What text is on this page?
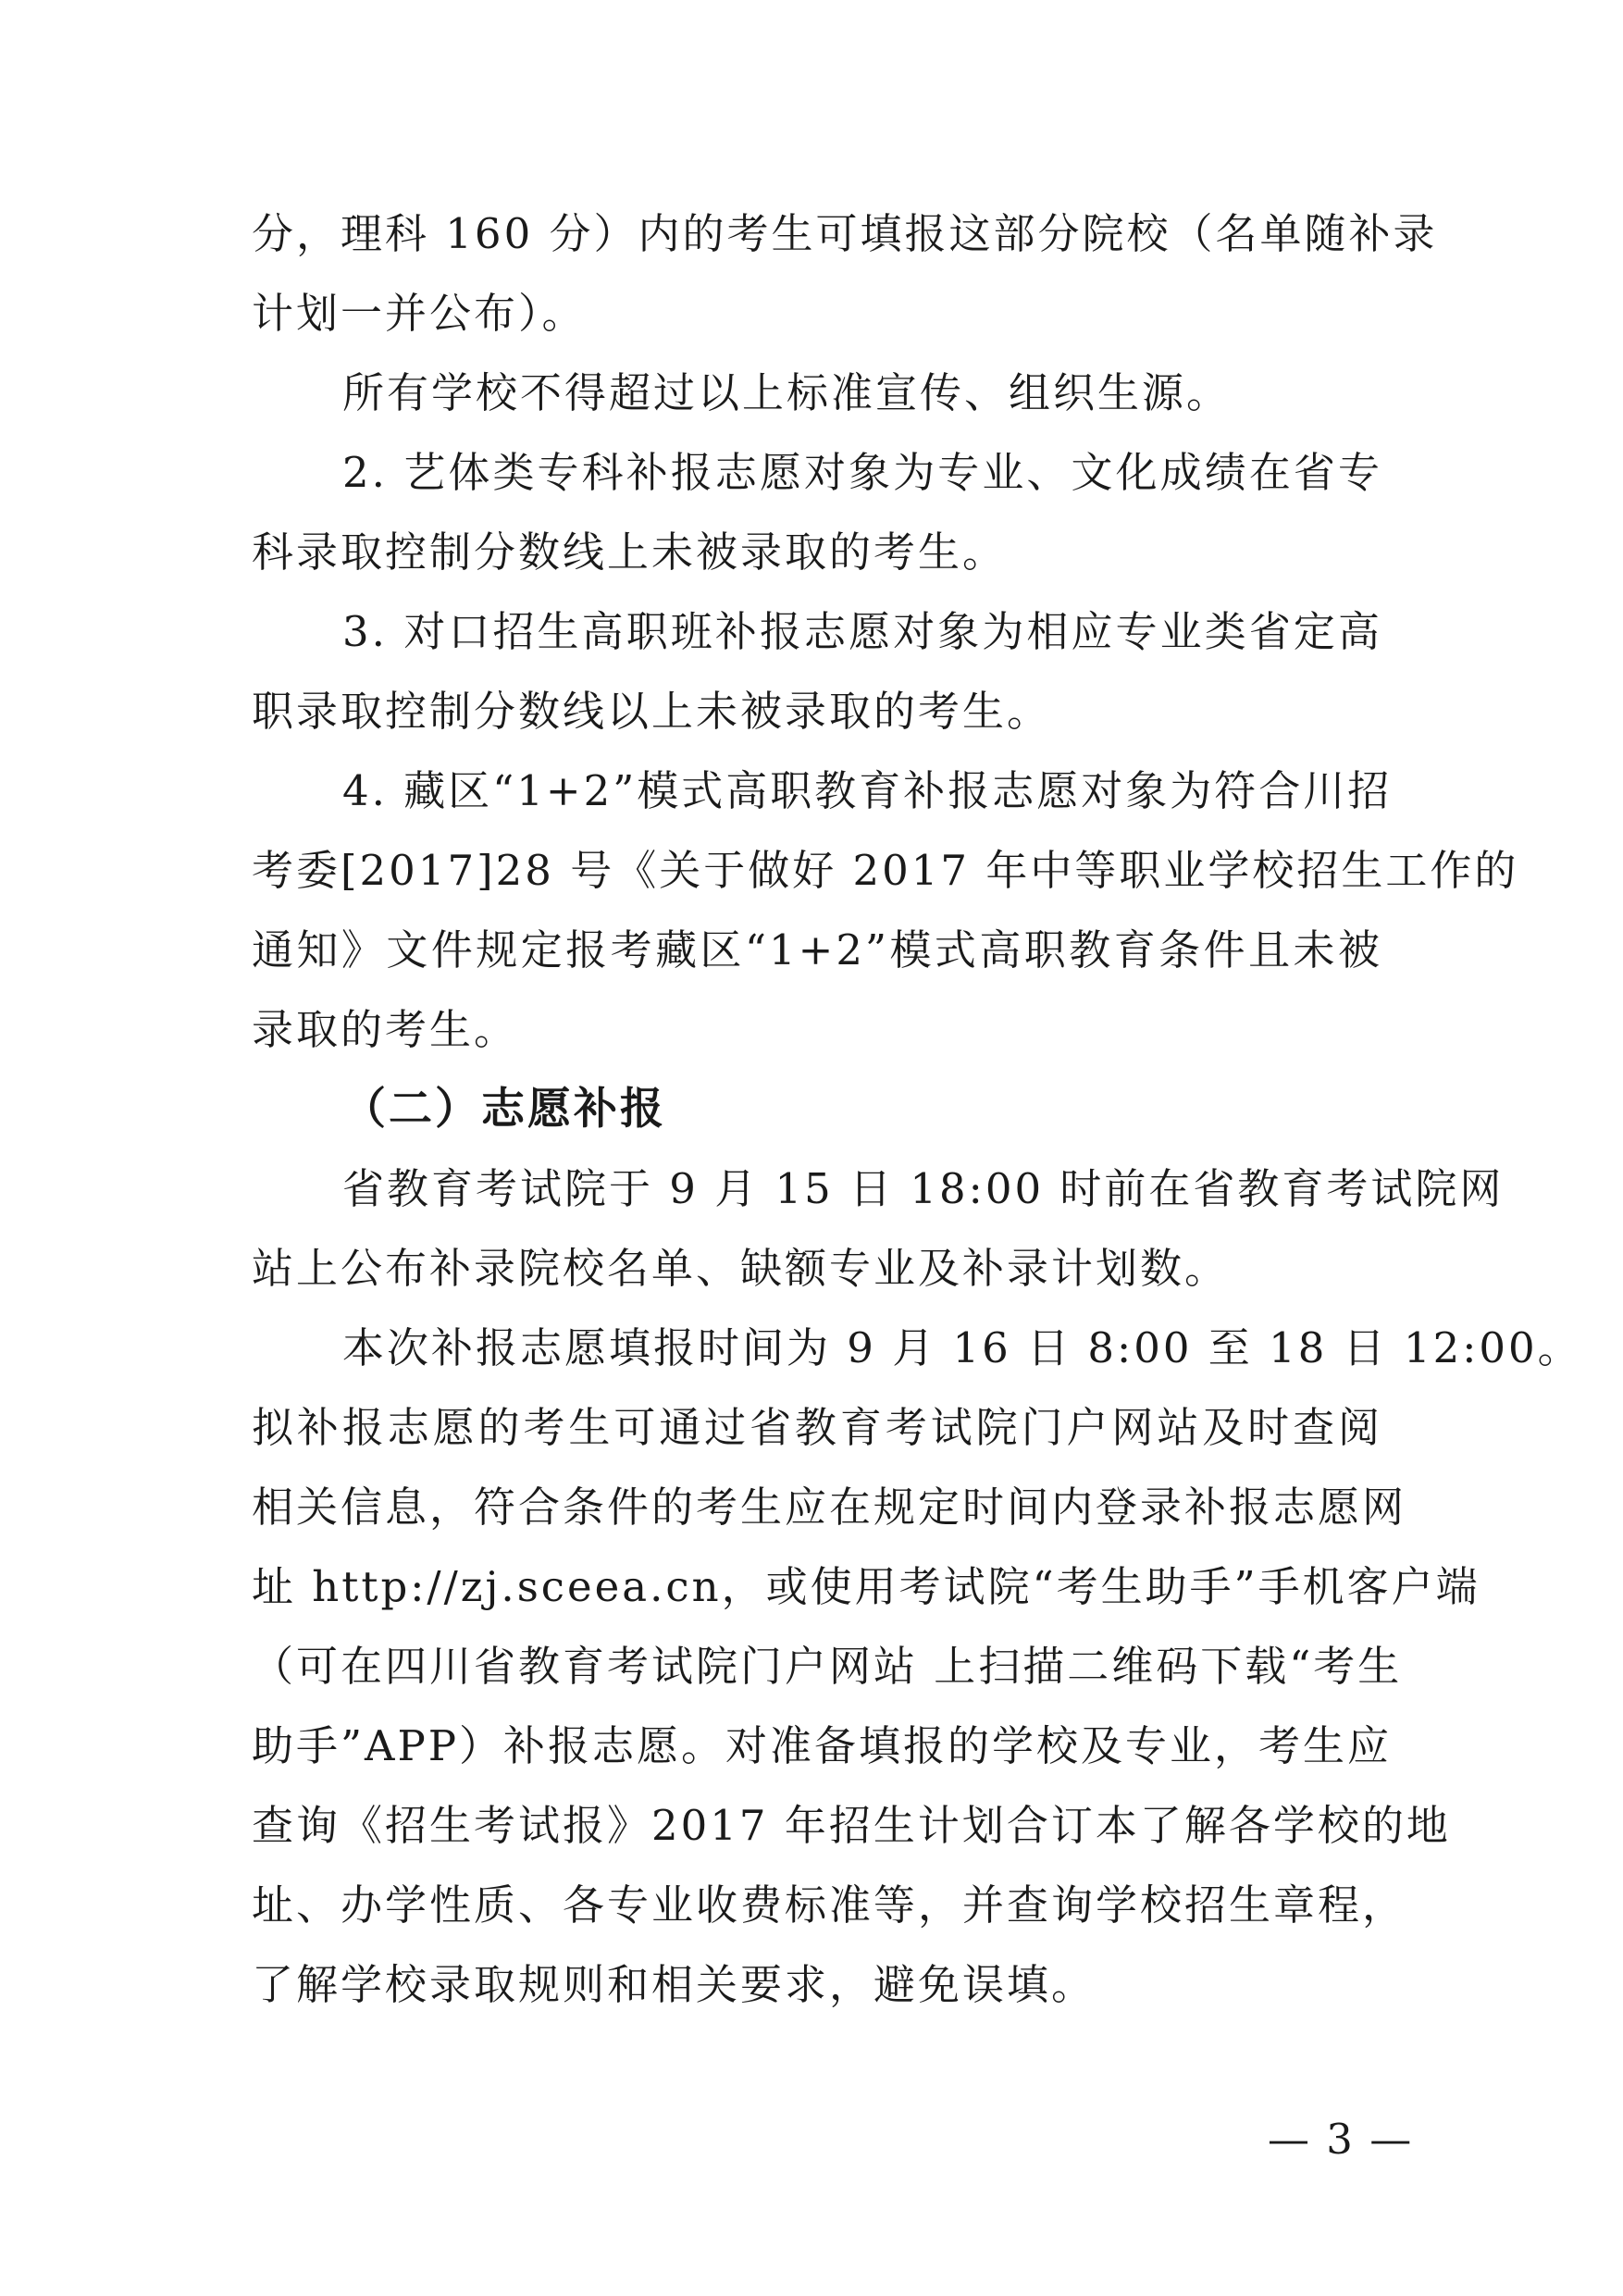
分，理科 160 分）内的考生可填报这部分院校（名单随补录
计划一并公布）。
所有学校不得超过以上标准宣传、组织生源。
2. 艺体类专科补报志愿对象为专业、文化成绩在省专
科录取控制分数线上未被录取的考生。
3. 对口招生高职班补报志愿对象为相应专业类省定高
职录取控制分数线以上未被录取的考生。
4. 藏区“1+2”模式高职教育补报志愿对象为符合川招
考委[2017]28 号《关于做好 2017 年中等职业学校招生工作的
通知》文件规定报考藏区“1+2”模式高职教育条件且未被
录取的考生。
（二）志愿补报
省教育考试院于 9 月 15 日 18:00 时前在省教育考试院网
站上公布补录院校名单、缺额专业及补录计划数。
本次补报志愿填报时间为 9 月 16 日 8:00 至 18 日 12:00。
拟补报志愿的考生可通过省教育考试院门户网站及时查阅
相关信息，符合条件的考生应在规定时间内登录补报志愿网
址 http://zj.sceea.cn，或使用考试院“考生助手”手机客户端
（可在四川省教育考试院门户网站 上扫描二维码下载“考生
助手”APP）补报志愿。对准备填报的学校及专业，考生应
查询《招生考试报》2017 年招生计划合订本了解各学校的地
址、办学性质、各专业收费标准等，并查询学校招生章程，
了解学校录取规则和相关要求，避免误填。
— 3 —
